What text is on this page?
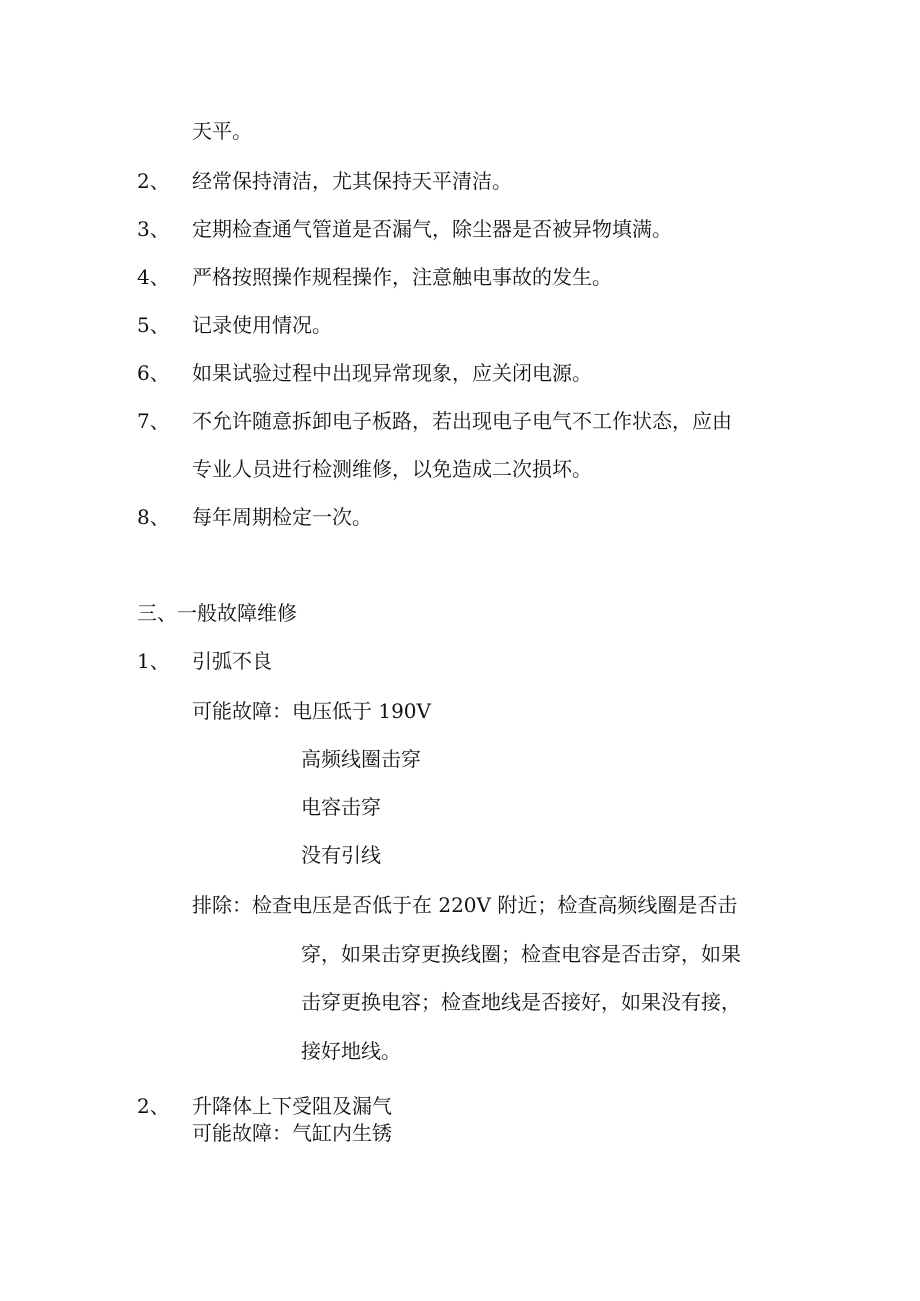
天平。
2、	经常保持清洁，尤其保持天平清洁。
3、	定期检查通气管道是否漏气，除尘器是否被异物填满。
4、	严格按照操作规程操作，注意触电事故的发生。
5、	记录使用情况。
6、	如果试验过程中出现异常现象，应关闭电源。
7、	不允许随意拆卸电子板路，若出现电子电气不工作状态，应由
专业人员进行检测维修，以免造成二次损坏。
8、	每年周期检定一次。
三、一般故障维修
1、	引弧不良
可能故障：电压低于 190V
高频线圈击穿
电容击穿
没有引线
排除：检查电压是否低于在 220V 附近；检查高频线圈是否击
穿，如果击穿更换线圈；检查电容是否击穿，如果
击穿更换电容；检查地线是否接好，如果没有接，
接好地线。
2、	升降体上下受阻及漏气
可能故障：气缸内生锈
